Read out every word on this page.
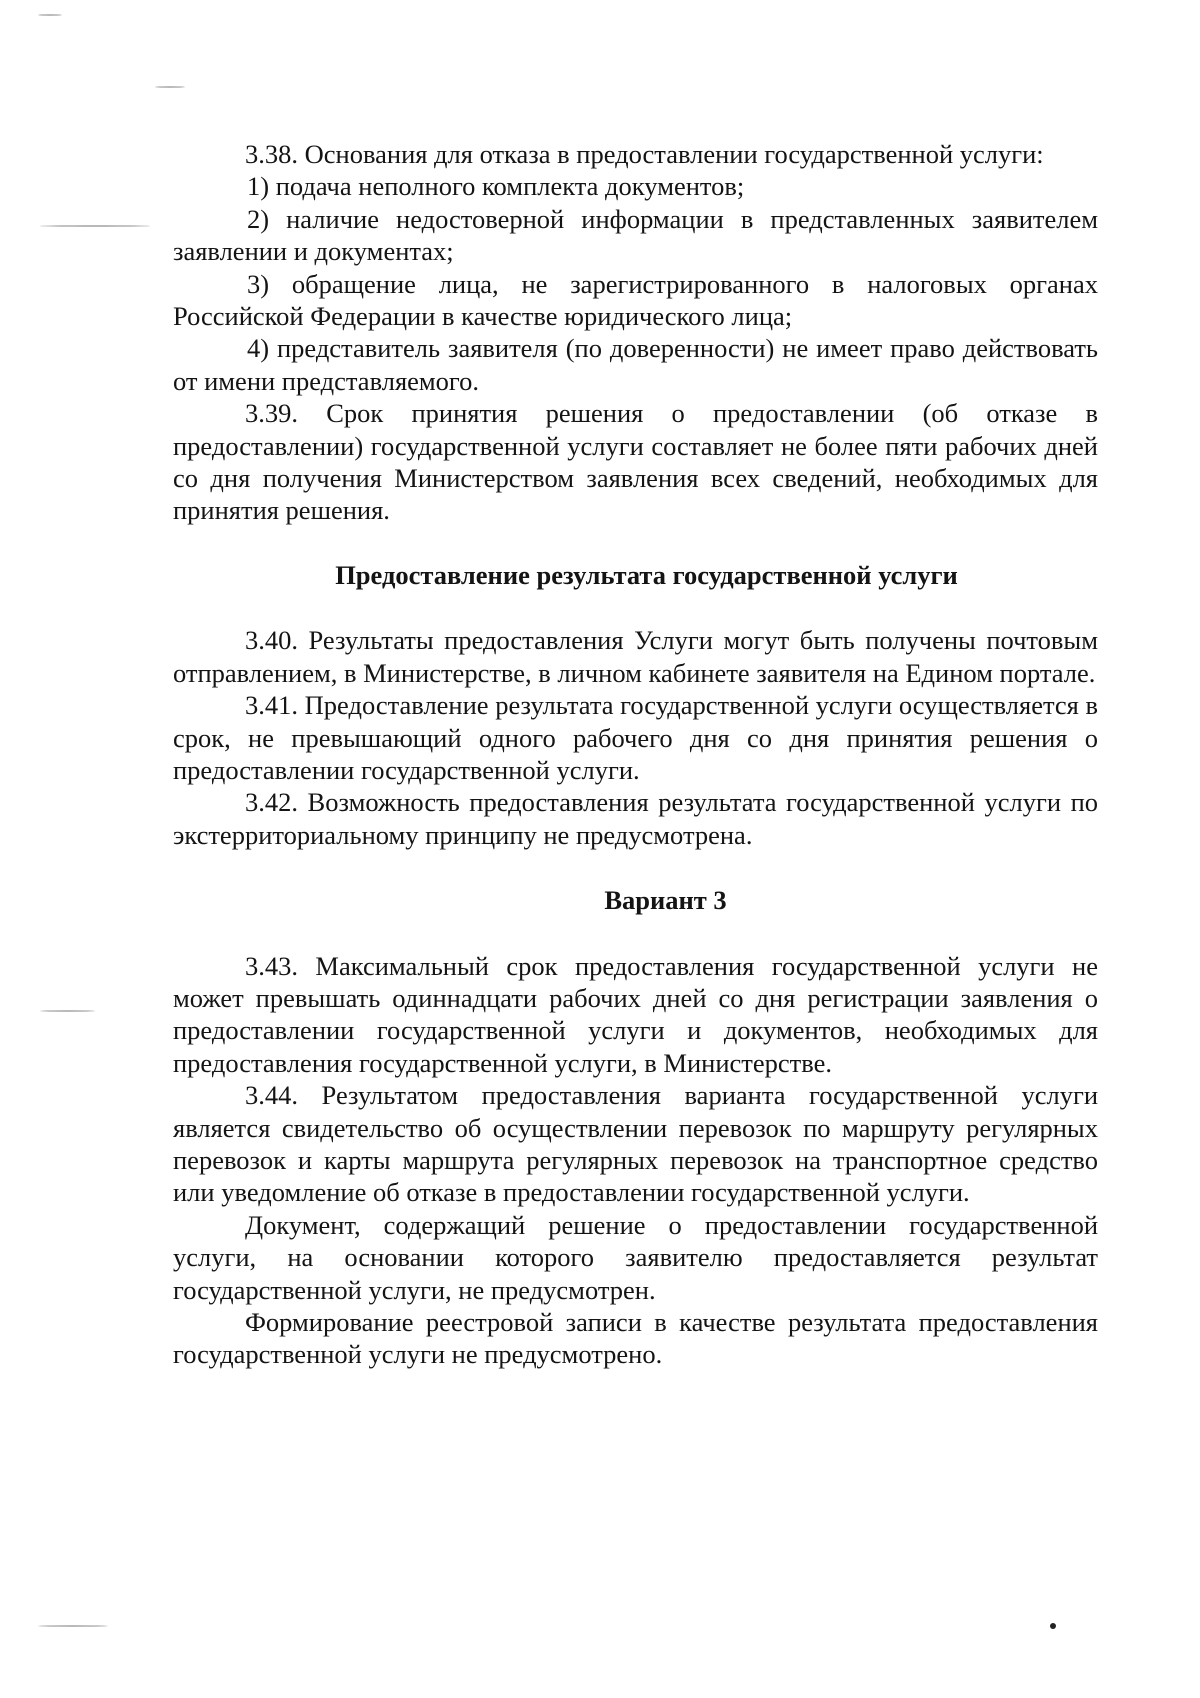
3.38. Основания для отказа в предоставлении государственной услуги:

1) подача неполного комплекта документов;

2) наличие недостоверной информации в представленных заявителем заявлении и документах;

3) обращение лица, не зарегистрированного в налоговых органах Российской Федерации в качестве юридического лица;

4) представитель заявителя (по доверенности) не имеет право действовать от имени представляемого.

3.39. Срок принятия решения о предоставлении (об отказе в предоставлении) государственной услуги составляет не более пяти рабочих дней со дня получения Министерством заявления всех сведений, необходимых для принятия решения.

Предоставление результата государственной услуги

3.40. Результаты предоставления Услуги могут быть получены почтовым отправлением, в Министерстве, в личном кабинете заявителя на Едином портале.

3.41. Предоставление результата государственной услуги осуществляется в срок, не превышающий одного рабочего дня со дня принятия решения о предоставлении государственной услуги.

3.42. Возможность предоставления результата государственной услуги по экстерриториальному принципу не предусмотрена.

Вариант 3

3.43. Максимальный срок предоставления государственной услуги не может превышать одиннадцати рабочих дней со дня регистрации заявления о предоставлении государственной услуги и документов, необходимых для предоставления государственной услуги, в Министерстве.

3.44. Результатом предоставления варианта государственной услуги является свидетельство об осуществлении перевозок по маршруту регулярных перевозок и карты маршрута регулярных перевозок на транспортное средство или уведомление об отказе в предоставлении государственной услуги.

Документ, содержащий решение о предоставлении государственной услуги, на основании которого заявителю предоставляется результат государственной услуги, не предусмотрен.

Формирование реестровой записи в качестве результата предоставления государственной услуги не предусмотрено.
